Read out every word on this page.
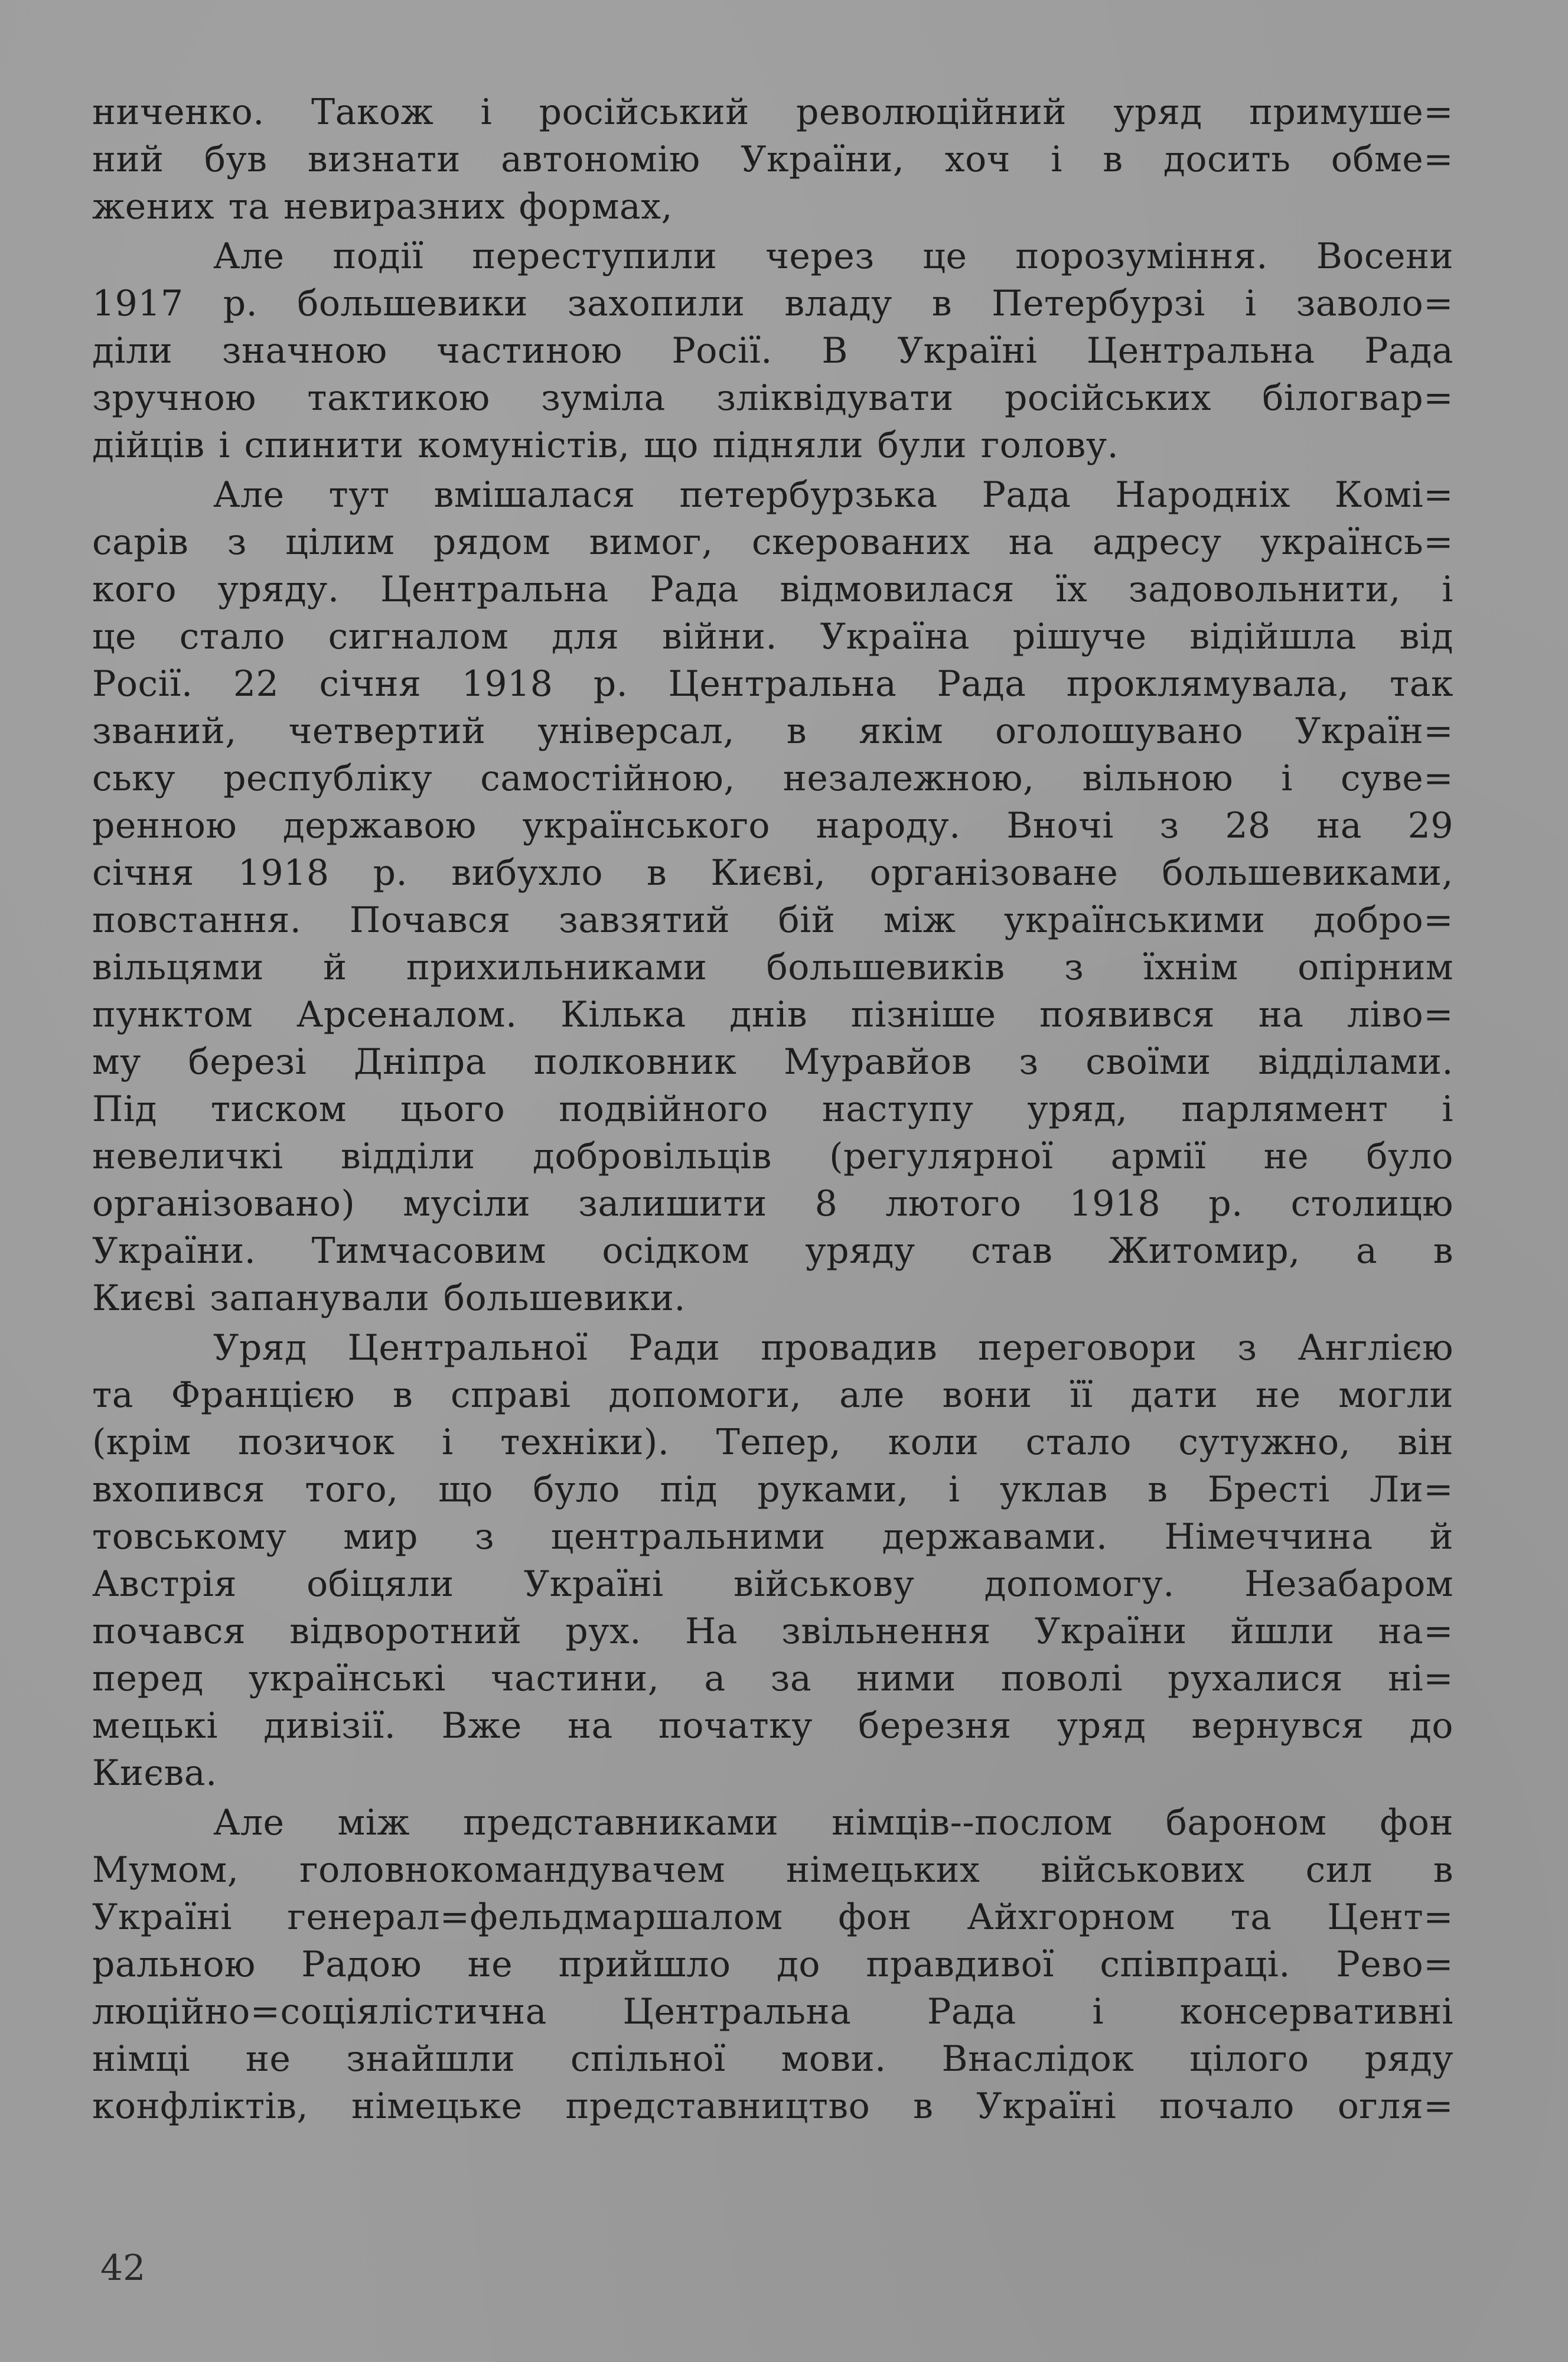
ниченко. Також і російський революційний уряд примуше=
ний був визнати автономію України, хоч і в досить обме=
жених та невиразних формах,
Але події переступили через це порозуміння. Восени
1917 р. большевики захопили владу в Петербурзі і заволо=
діли значною частиною Росії. В Україні Центральна Рада
зручною тактикою зуміла зліквідувати російських білогвар=
дійців і спинити комуністів, що підняли були голову.
Але тут вмішалася петербурзька Рада Народніх Комі=
сарів з цілим рядом вимог, скерованих на адресу українсь=
кого уряду. Центральна Рада відмовилася їх задовольнити, і
це стало сигналом для війни. Україна рішуче відійшла від
Росії. 22 січня 1918 р. Центральна Рада проклямувала, так
званий, четвертий універсал, в якім оголошувано Україн=
ську республіку самостійною, незалежною, вільною і суве=
ренною державою українського народу. Вночі з 28 на 29
січня 1918 р. вибухло в Києві, організоване большевиками,
повстання. Почався завзятий бій між українськими добро=
вільцями й прихильниками большевиків з їхнім опірним
пунктом Арсеналом. Кілька днів пізніше появився на ліво=
му березі Дніпра полковник Муравйов з своїми відділами.
Під тиском цього подвійного наступу уряд, парлямент і
невеличкі відділи добровільців (регулярної армії не було
організовано) мусіли залишити 8 лютого 1918 р. столицю
України. Тимчасовим осідком уряду став Житомир, а в
Києві запанували большевики.
Уряд Центральної Ради провадив переговори з Англією
та Францією в справі допомоги, але вони її дати не могли
(крім позичок і техніки). Тепер, коли стало сутужно, він
вхопився того, що було під руками, і уклав в Бресті Ли=
товському мир з центральними державами. Німеччина й
Австрія обіцяли Україні військову допомогу. Незабаром
почався відворотний рух. На звільнення України йшли на=
перед українські частини, а за ними поволі рухалися ні=
мецькі дивізії. Вже на початку березня уряд вернувся до
Києва.
Але між представниками німців--послом бароном фон
Мумом, головнокомандувачем німецьких військових сил в
Україні генерал=фельдмаршалом фон Айхгорном та Цент=
ральною Радою не прийшло до правдивої співпраці. Рево=
люційно=соціялістична Центральна Рада і консервативні
німці не знайшли спільної мови. Внаслідок цілого ряду
конфліктів, німецьке представництво в Україні почало огля=
42
